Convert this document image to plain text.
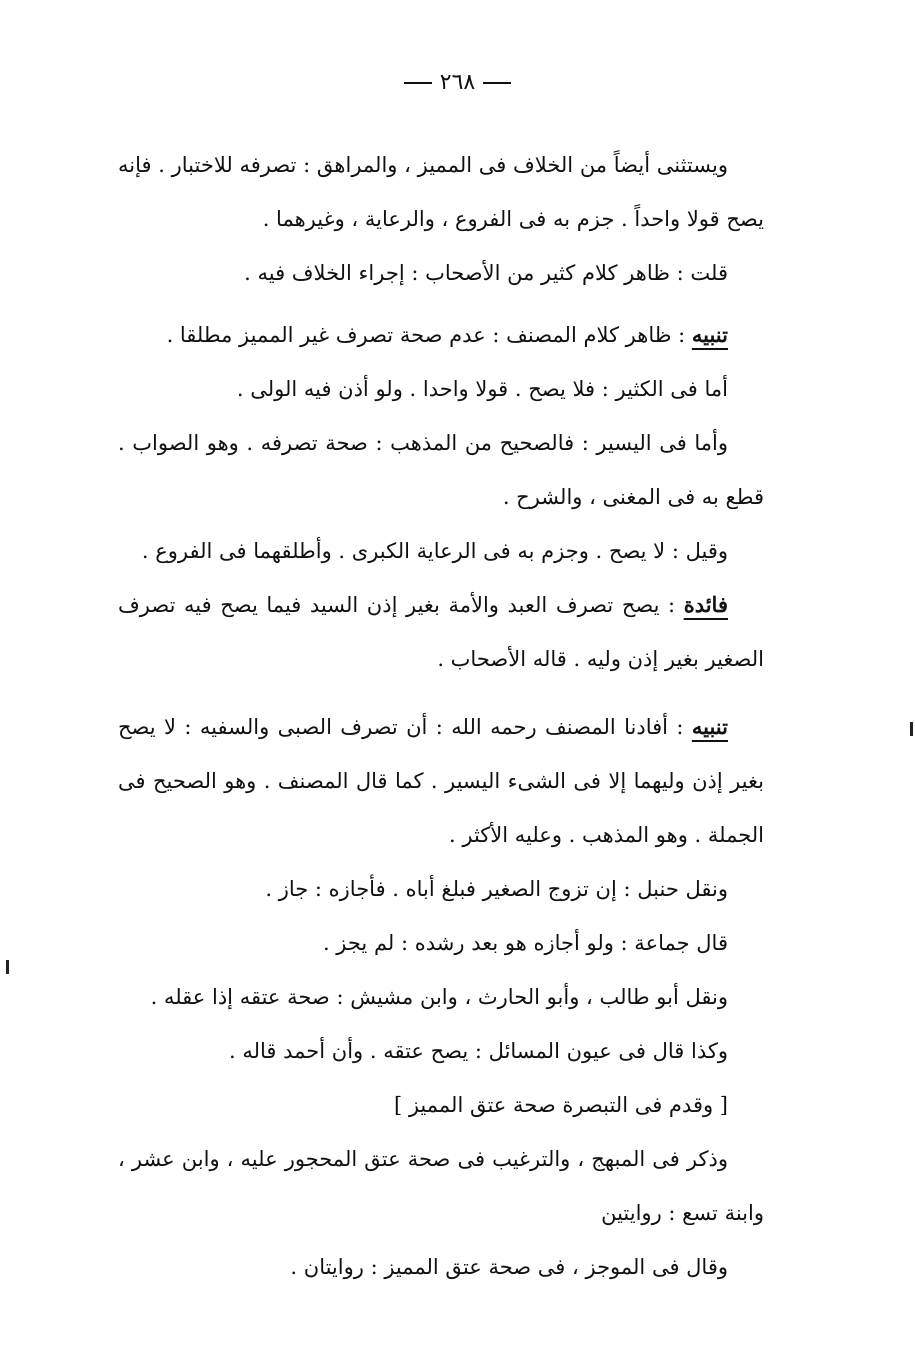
٢٦٨

ويستثنى أيضاً من الخلاف فى المميز ، والمراهق : تصرفه للاختبار . فإنه يصح قولا واحداً . جزم به فى الفروع ، والرعاية ، وغيرهما .

قلت : ظاهر كلام كثير من الأصحاب : إجراء الخلاف فيه .

تنبيه : ظاهر كلام المصنف : عدم صحة تصرف غير المميز مطلقا .

أما فى الكثير : فلا يصح . قولا واحدا . ولو أذن فيه الولى .

وأما فى اليسير : فالصحيح من المذهب : صحة تصرفه . وهو الصواب . قطع به فى المغنى ، والشرح .

وقيل : لا يصح . وجزم به فى الرعاية الكبرى . وأطلقهما فى الفروع .

فائدة : يصح تصرف العبد والأمة بغير إذن السيد فيما يصح فيه تصرف الصغير بغير إذن وليه . قاله الأصحاب .

تنبيه : أفادنا المصنف رحمه الله : أن تصرف الصبى والسفيه : لا يصح بغير إذن وليهما إلا فى الشىء اليسير . كما قال المصنف . وهو الصحيح فى الجملة . وهو المذهب . وعليه الأكثر .

ونقل حنبل : إن تزوج الصغير فبلغ أباه . فأجازه : جاز .

قال جماعة : ولو أجازه هو بعد رشده : لم يجز .

ونقل أبو طالب ، وأبو الحارث ، وابن مشيش : صحة عتقه إذا عقله .

وكذا قال فى عيون المسائل : يصح عتقه . وأن أحمد قاله .

[ وقدم فى التبصرة صحة عتق المميز ]

وذكر فى المبهج ، والترغيب فى صحة عتق المحجور عليه ، وابن عشر ، وابنة تسع : روايتين

وقال فى الموجز ، فى صحة عتق المميز : روايتان .
